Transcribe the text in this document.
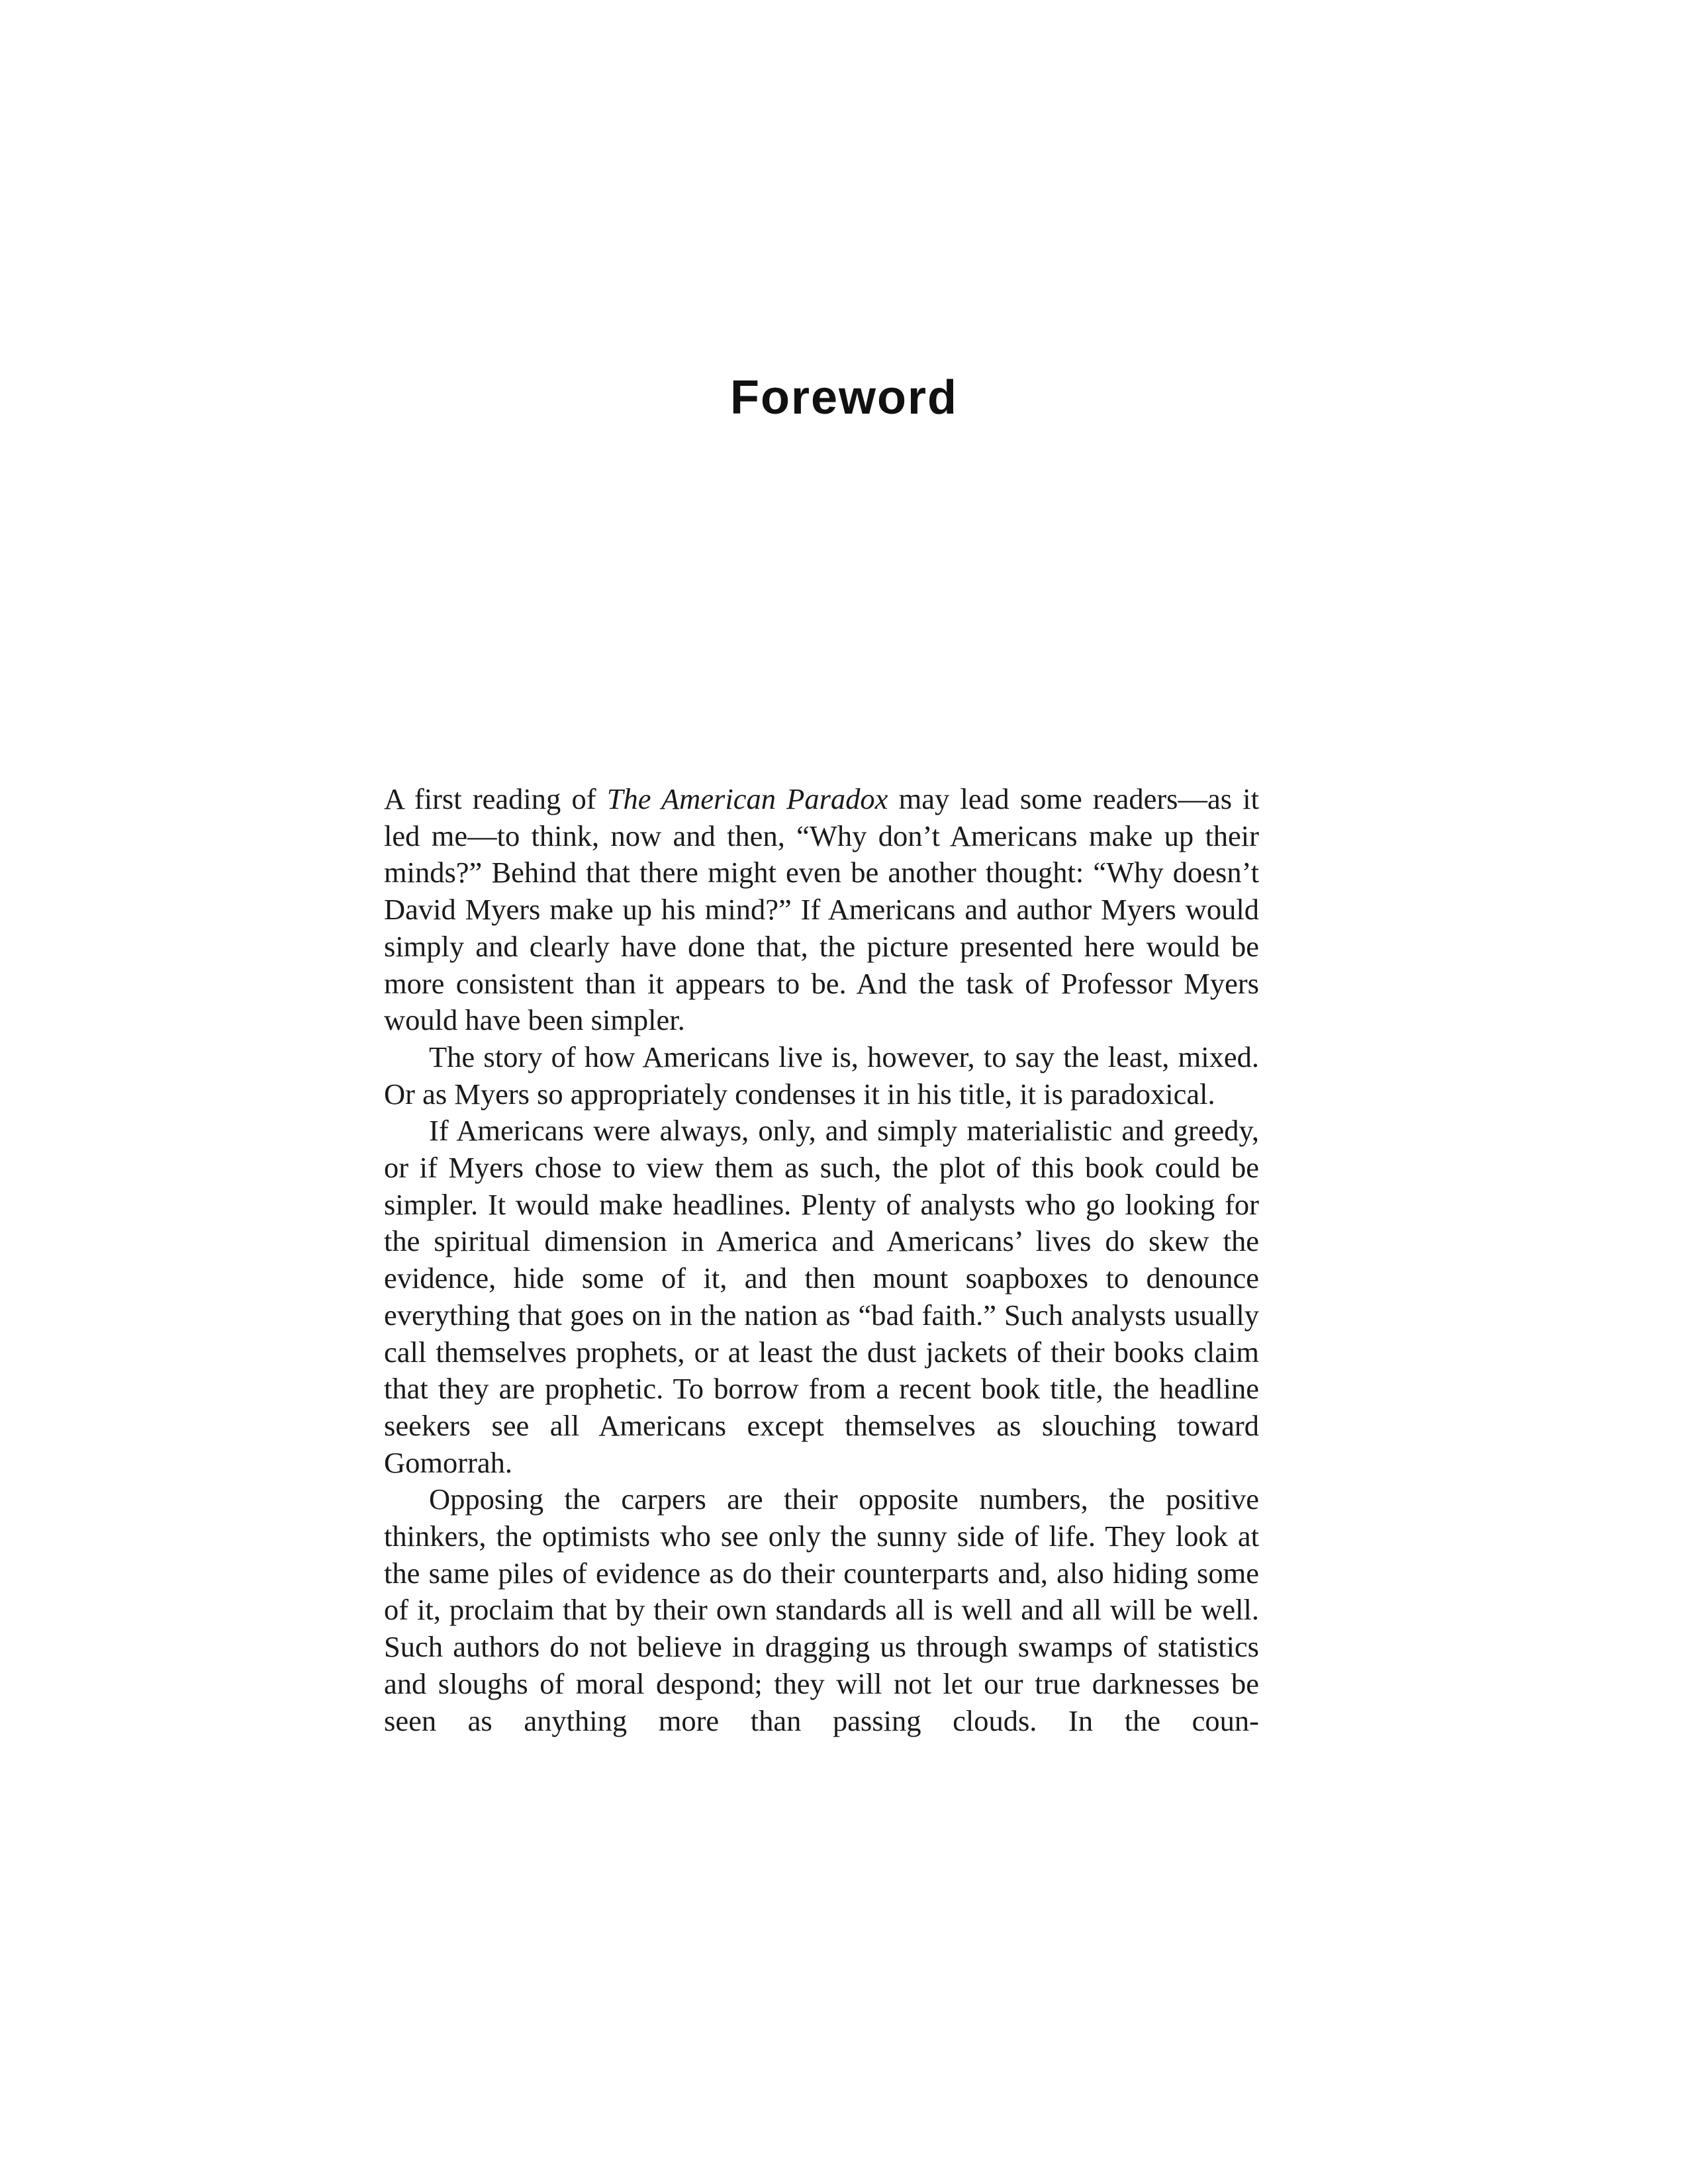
Foreword

A first reading of The American Paradox may lead some readers—as it led me—to think, now and then, “Why don’t Americans make up their minds?” Behind that there might even be another thought: “Why doesn’t David Myers make up his mind?” If Americans and author Myers would simply and clearly have done that, the picture presented here would be more consistent than it appears to be. And the task of Professor Myers would have been simpler.

The story of how Americans live is, however, to say the least, mixed. Or as Myers so appropriately condenses it in his title, it is paradoxical.

If Americans were always, only, and simply materialistic and greedy, or if Myers chose to view them as such, the plot of this book could be simpler. It would make headlines. Plenty of analysts who go looking for the spiritual dimension in America and Americans’ lives do skew the evidence, hide some of it, and then mount soapboxes to denounce everything that goes on in the nation as “bad faith.” Such analysts usually call themselves prophets, or at least the dust jackets of their books claim that they are prophetic. To borrow from a recent book title, the headline seekers see all Americans except themselves as slouching toward Gomorrah.

Opposing the carpers are their opposite numbers, the positive thinkers, the optimists who see only the sunny side of life. They look at the same piles of evidence as do their counterparts and, also hiding some of it, proclaim that by their own standards all is well and all will be well. Such authors do not believe in dragging us through swamps of statistics and sloughs of moral despond; they will not let our true darknesses be seen as anything more than passing clouds. In the coun-
